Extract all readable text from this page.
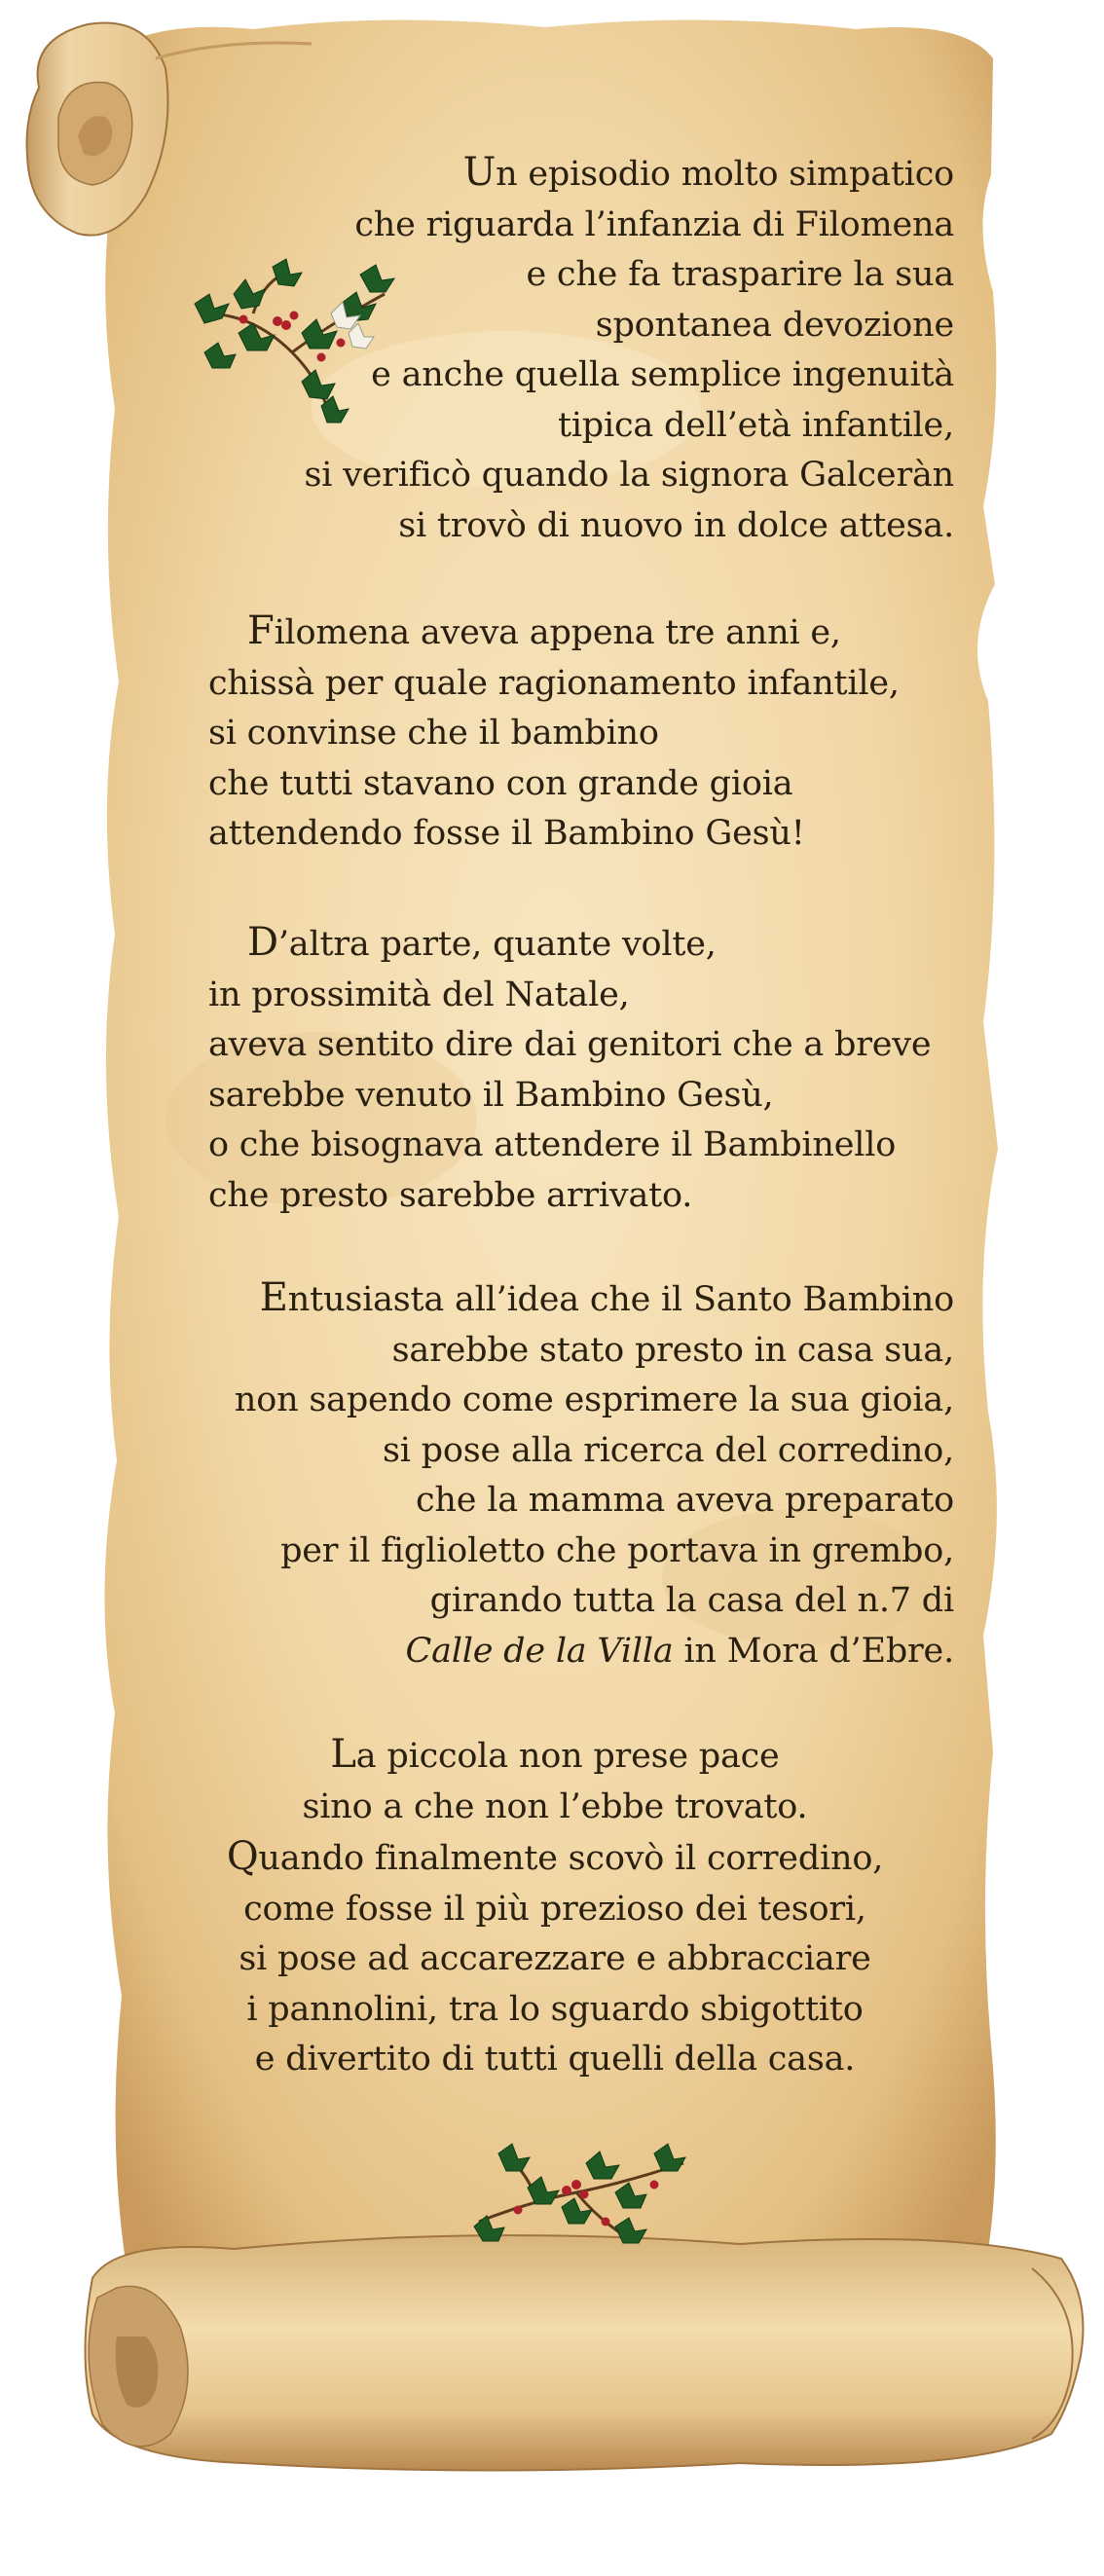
Un episodio molto simpatico

che riguarda l’infanzia di Filomena

e che fa trasparire la sua

spontanea devozione

e anche quella semplice ingenuità

tipica dell’età infantile,

si verificò quando la signora Galceràn

si trovò di nuovo in dolce attesa.

Filomena aveva appena tre anni e,

chissà per quale ragionamento infantile,

si convinse che il bambino

che tutti stavano con grande gioia

attendendo fosse il Bambino Gesù!

D’altra parte, quante volte,

in prossimità del Natale,

aveva sentito dire dai genitori che a breve

sarebbe venuto il Bambino Gesù,

o che bisognava attendere il Bambinello

che presto sarebbe arrivato.

Entusiasta all’idea che il Santo Bambino

sarebbe stato presto in casa sua,

non sapendo come esprimere la sua gioia,

si pose alla ricerca del corredino,

che la mamma aveva preparato

per il figlioletto che portava in grembo,

girando tutta la casa del n.7 di

Calle de la Villa in Mora d’Ebre.

La piccola non prese pace

sino a che non l’ebbe trovato.

Quando finalmente scovò il corredino,

come fosse il più prezioso dei tesori,

si pose ad accarezzare e abbracciare

i pannolini, tra lo sguardo sbigottito

e divertito di tutti quelli della casa.
